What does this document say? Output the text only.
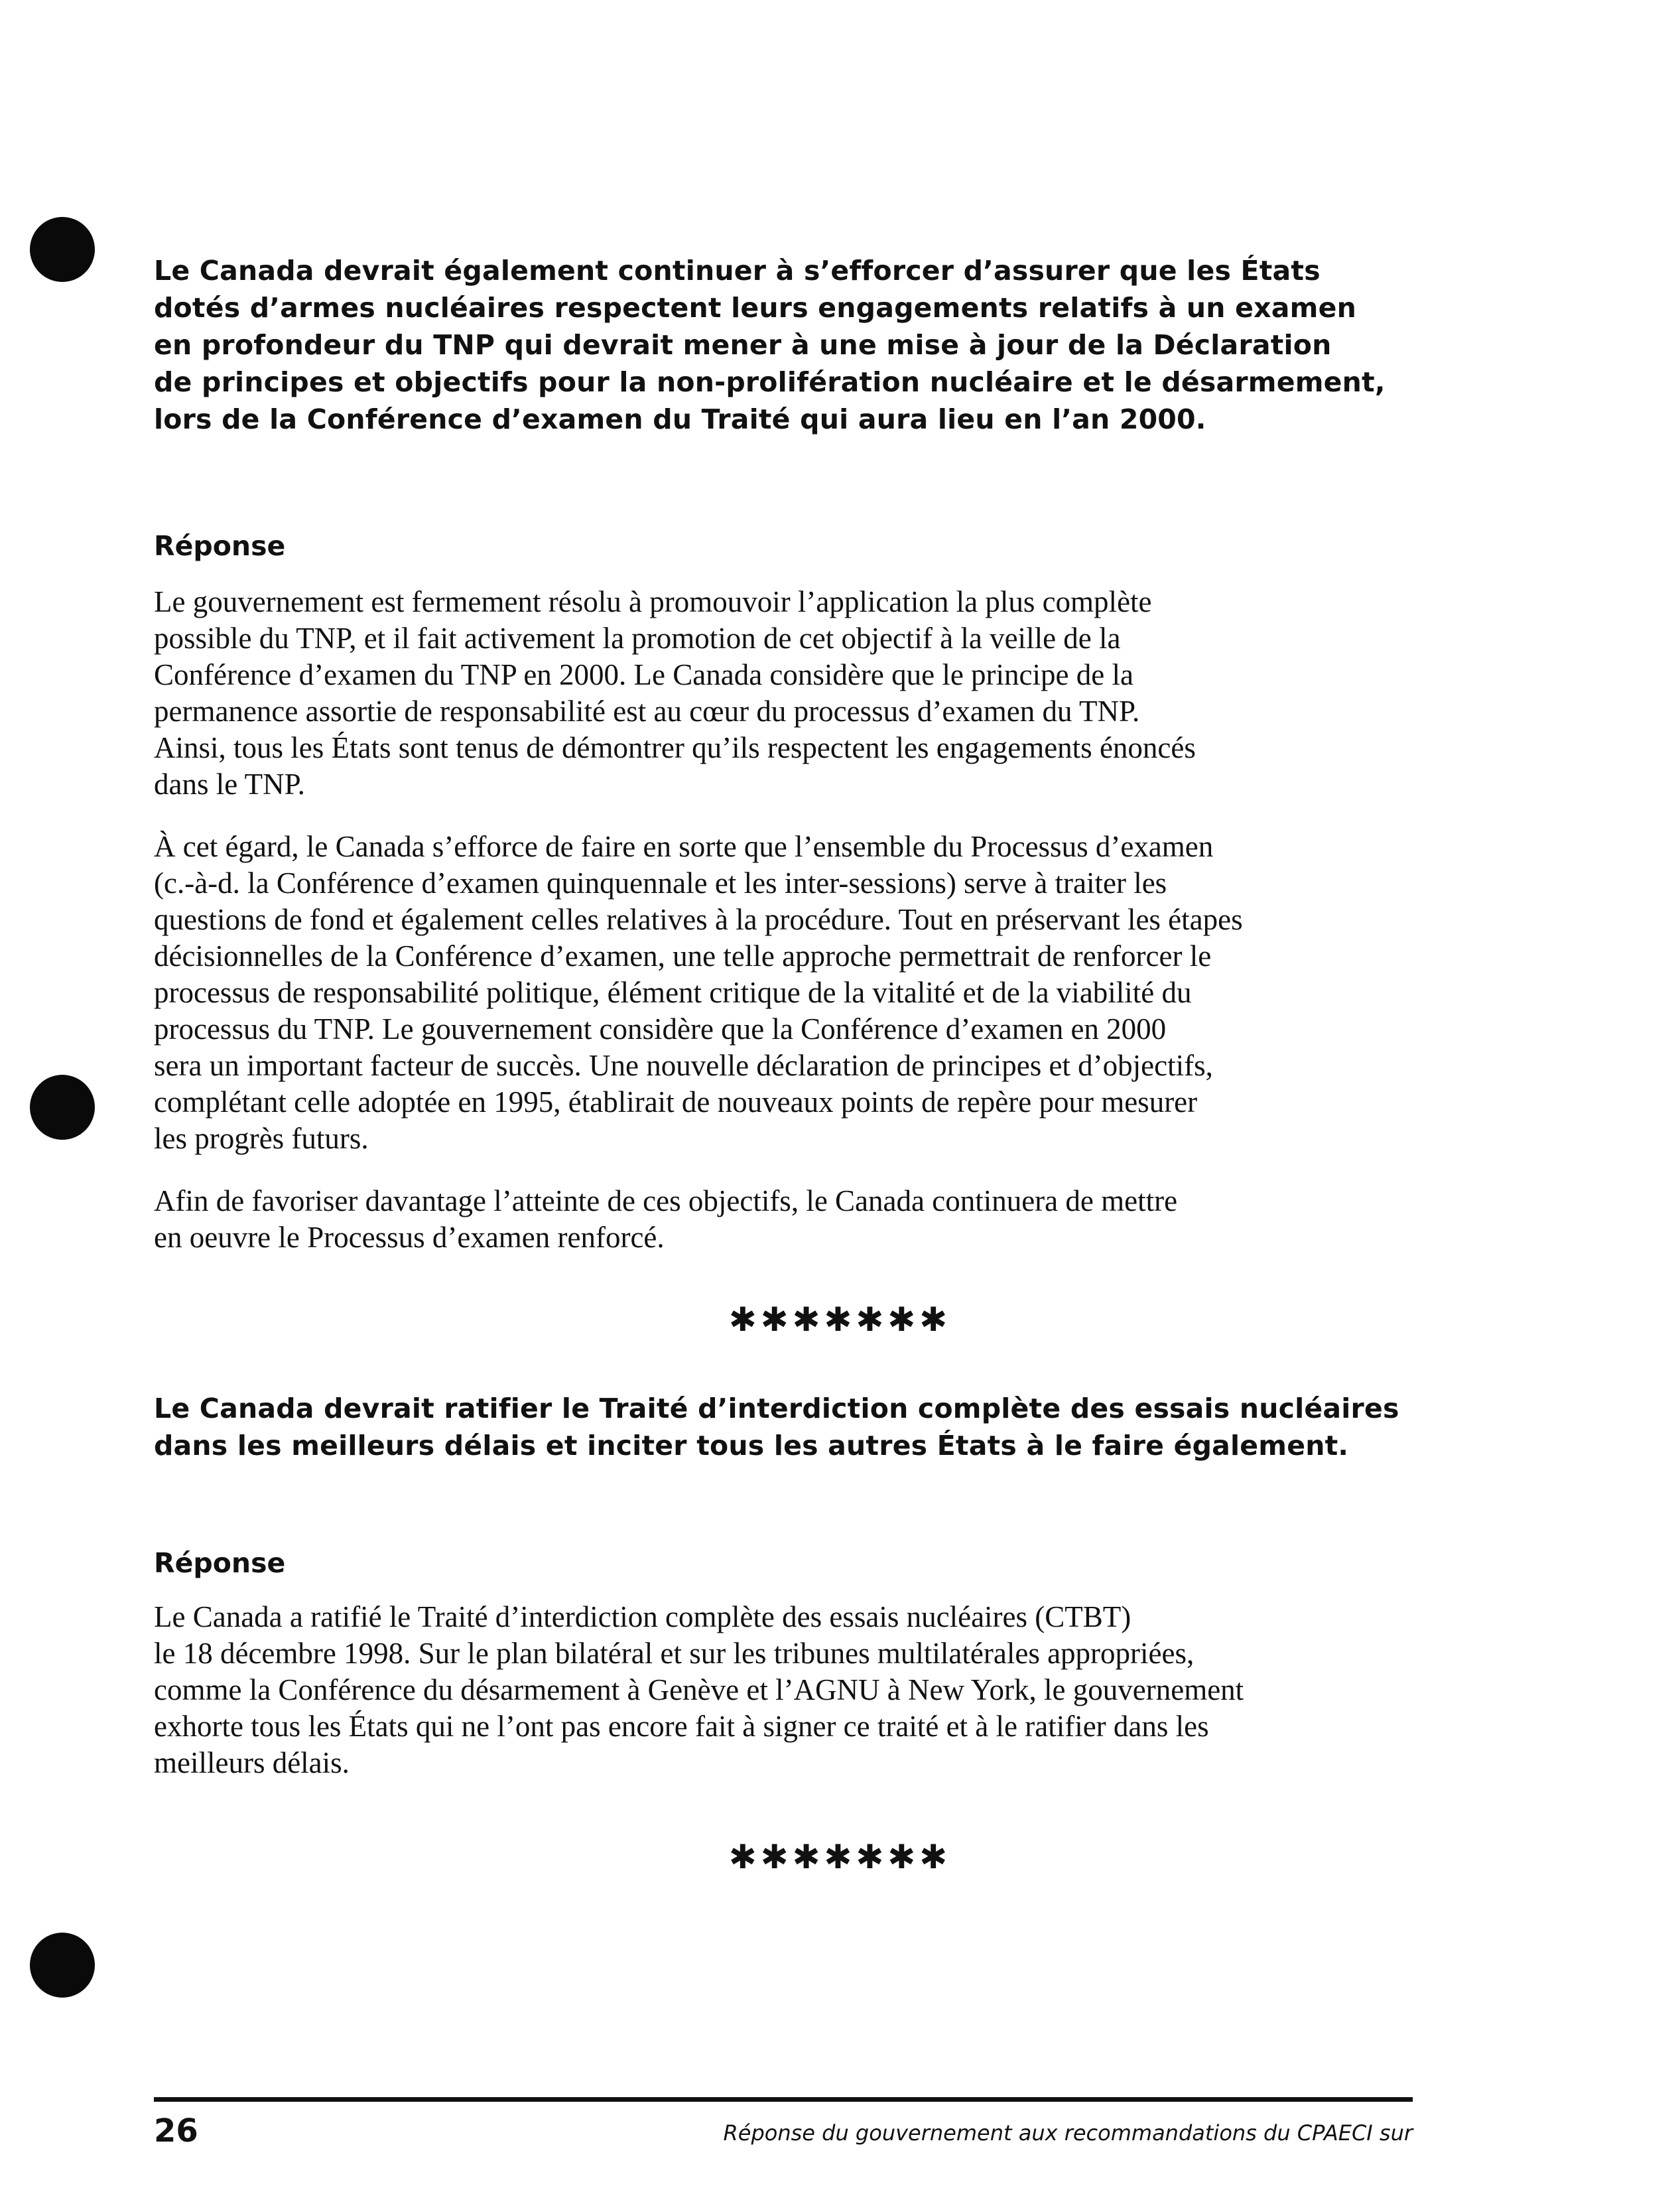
Le Canada devrait également continuer à s’efforcer d’assurer que les États

dotés d’armes nucléaires respectent leurs engagements relatifs à un examen

en profondeur du TNP qui devrait mener à une mise à jour de la Déclaration

de principes et objectifs pour la non-prolifération nucléaire et le désarmement,

lors de la Conférence d’examen du Traité qui aura lieu en l’an 2000.

Réponse

Le gouvernement est fermement résolu à promouvoir l’application la plus complète

possible du TNP, et il fait activement la promotion de cet objectif à la veille de la

Conférence d’examen du TNP en 2000. Le Canada considère que le principe de la

permanence assortie de responsabilité est au cœur du processus d’examen du TNP.

Ainsi, tous les États sont tenus de démontrer qu’ils respectent les engagements énoncés

dans le TNP.

À cet égard, le Canada s’efforce de faire en sorte que l’ensemble du Processus d’examen

(c.-à-d. la Conférence d’examen quinquennale et les inter-sessions) serve à traiter les

questions de fond et également celles relatives à la procédure. Tout en préservant les étapes

décisionnelles de la Conférence d’examen, une telle approche permettrait de renforcer le

processus de responsabilité politique, élément critique de la vitalité et de la viabilité du

processus du TNP. Le gouvernement considère que la Conférence d’examen en 2000

sera un important facteur de succès. Une nouvelle déclaration de principes et d’objectifs,

complétant celle adoptée en 1995, établirait de nouveaux points de repère pour mesurer

les progrès futurs.

Afin de favoriser davantage l’atteinte de ces objectifs, le Canada continuera de mettre

en oeuvre le Processus d’examen renforcé.

✱✱✱✱✱✱✱

Le Canada devrait ratifier le Traité d’interdiction complète des essais nucléaires

dans les meilleurs délais et inciter tous les autres États à le faire également.

Réponse

Le Canada a ratifié le Traité d’interdiction complète des essais nucléaires (CTBT)

le 18 décembre 1998. Sur le plan bilatéral et sur les tribunes multilatérales appropriées,

comme la Conférence du désarmement à Genève et l’AGNU à New York, le gouvernement

exhorte tous les États qui ne l’ont pas encore fait à signer ce traité et à le ratifier dans les

meilleurs délais.

✱✱✱✱✱✱✱
26	Réponse du gouvernement aux recommandations du CPAECI sur
